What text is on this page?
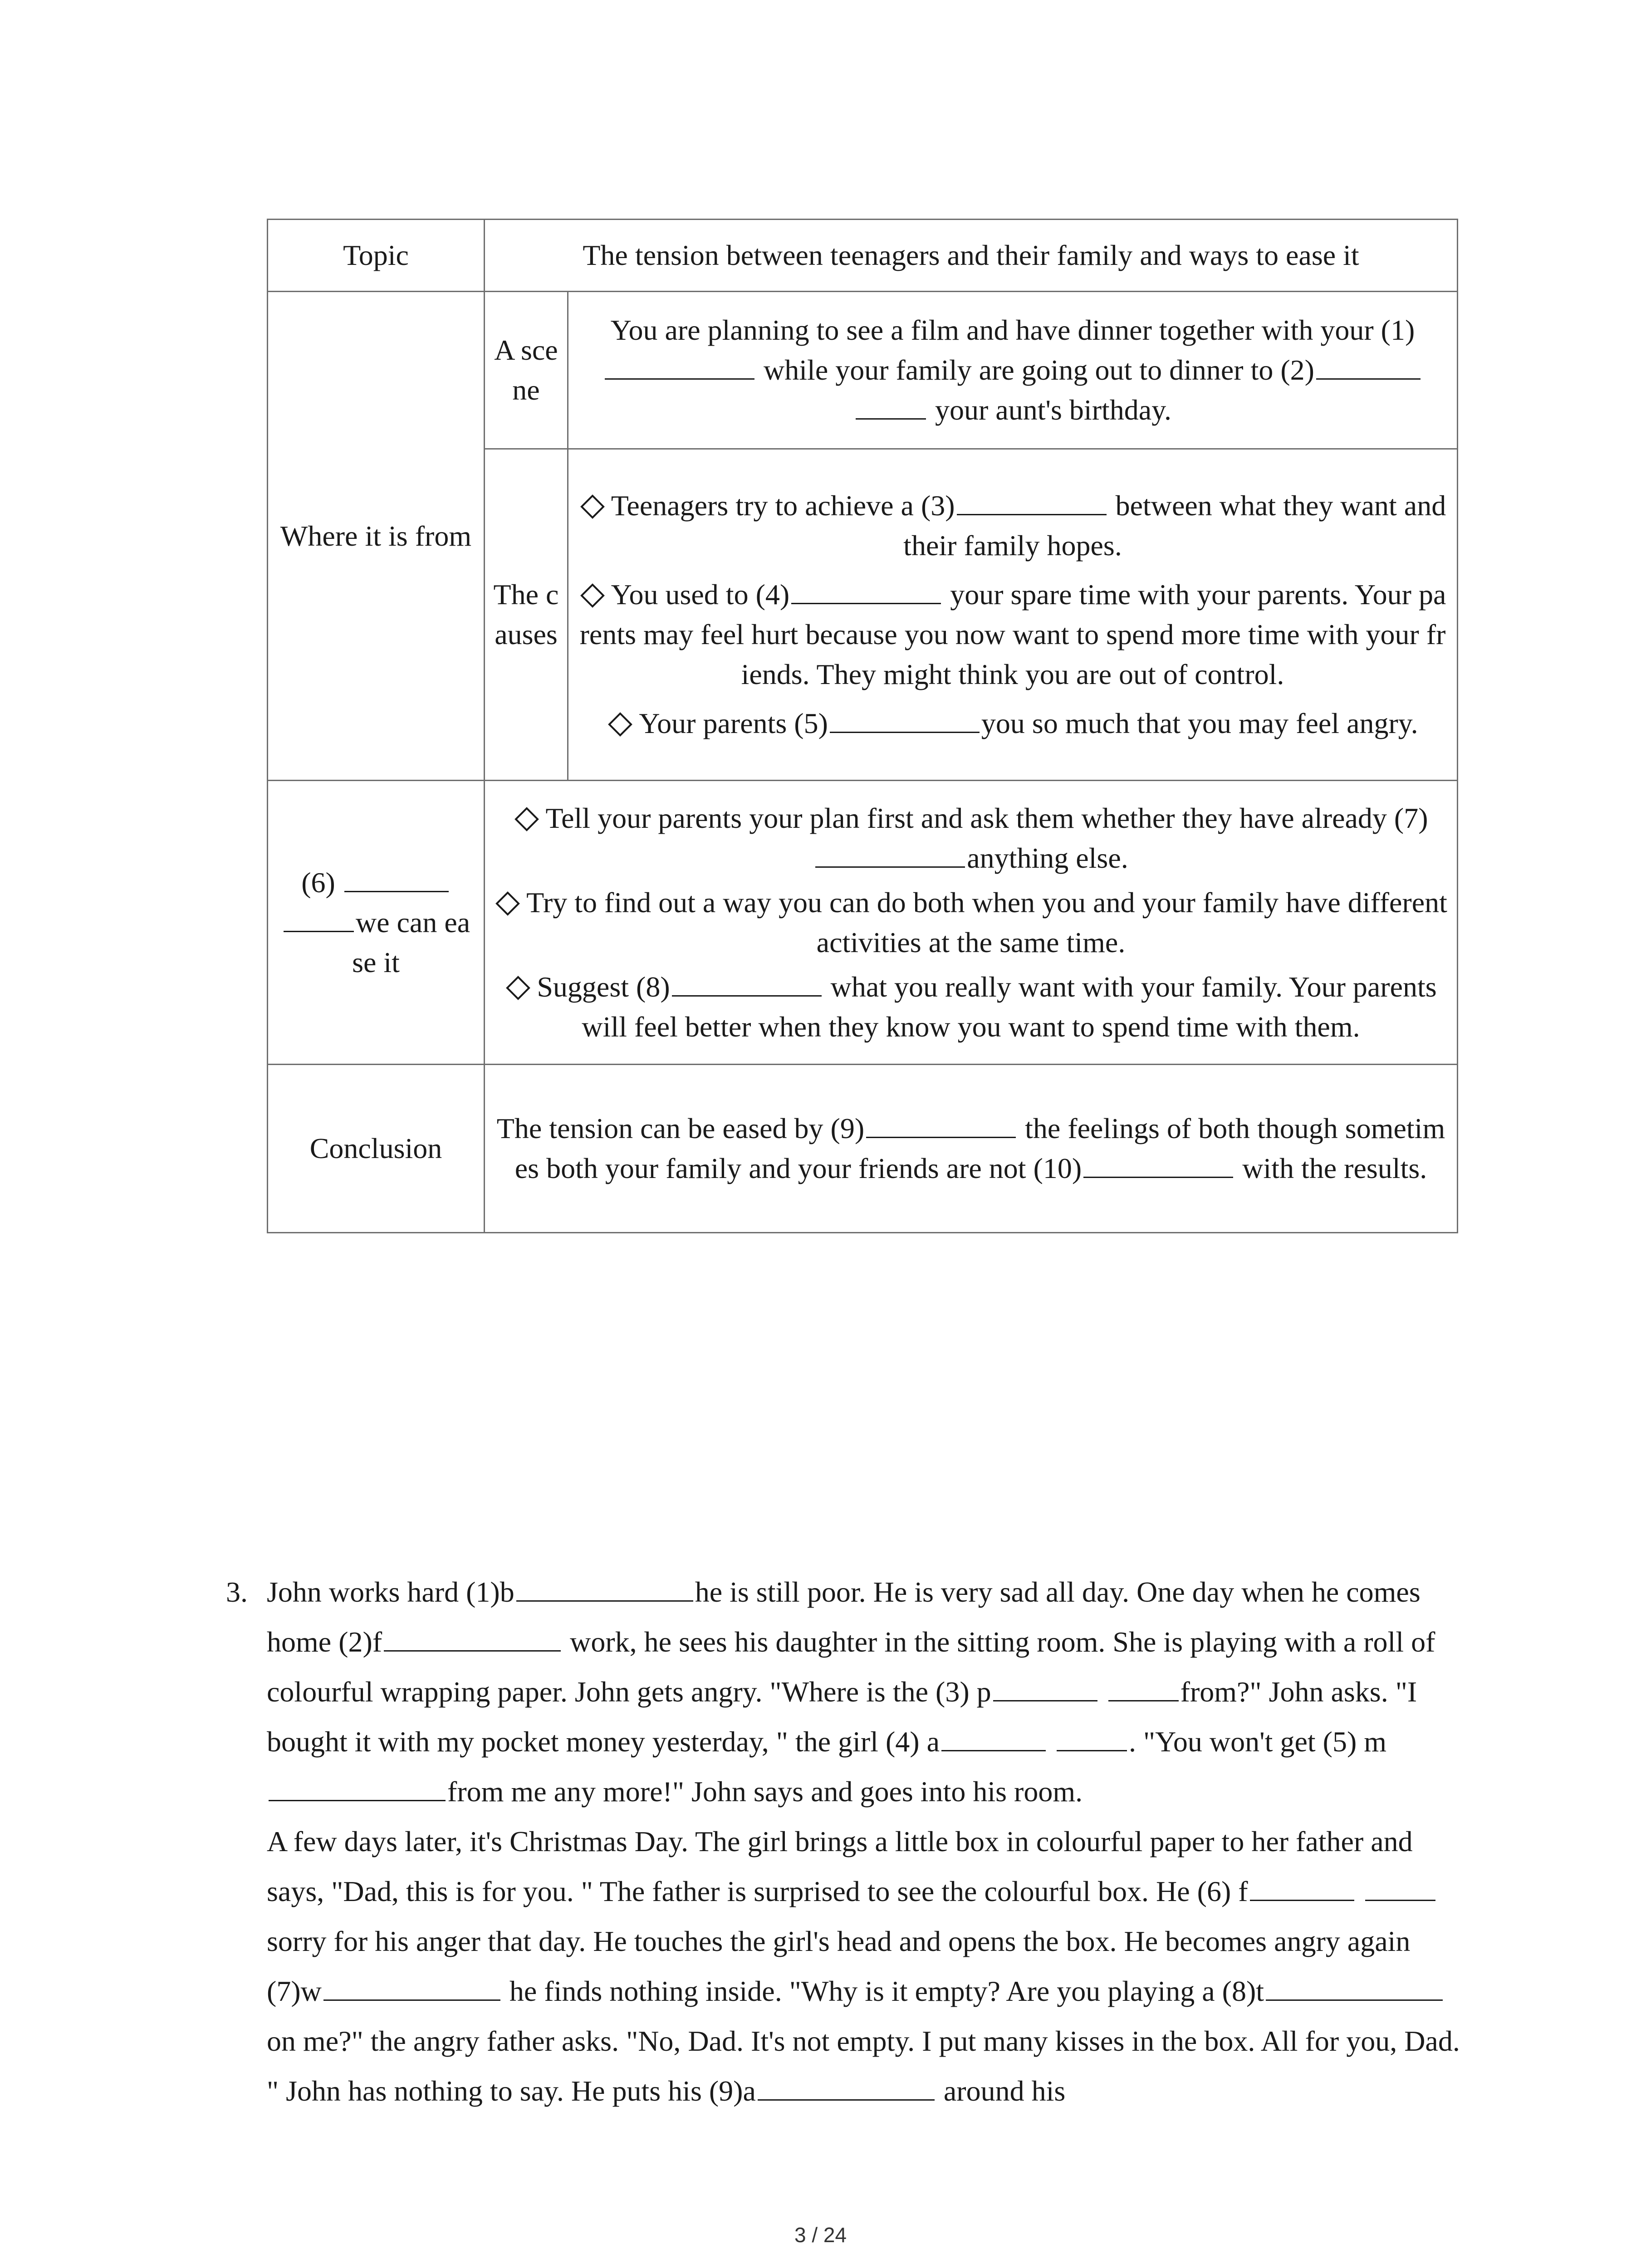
Topic	The tension between teenagers and their family and ways to ease it	
Where it is from	A scene	You are planning to see a film and have dinner together with your (1)  while your family are going out to dinner to (2)  your aunt's birthday.
	The causes	Teenagers try to achieve a (3) between what they want and their family hopes.
You used to (4) your spare time with your parents. Your parents may feel hurt because you now want to spend more time with your friends. They might think you are out of control.
Your parents (5) you so much that you may feel angry.

(6)  we can ease it	Tell your parents your plan first and ask them whether they have already (7) anything else.
Try to find out a way you can do both when you and your family have different activities at the same time.
Suggest (8) what you really want with your family. Your parents will feel better when they know you want to spend time with them.	

Conclusion	The tension can be eased by (9) the feelings of both though sometimes both your family and your friends are not (10) with the results.	
3. John works hard (1)b	he is still poor. He is very sad all day. One day when he comes home (2)f	work, he sees his daughter in the sitting room. She is playing with a roll of colourful wrapping paper. John gets angry. "Where is the (3) p	from?" John asks. "I bought it with my pocket money yesterday, " the girl (4) a	. "You won't get (5) mfrom me any more!" John says and goes into his room.

A few days later, it's Christmas Day. The girl brings a little box in colourful paper to her father and says, "Dad, this is for you. " The father is surprised to see the colourful box. He (6) f  sorry for his anger that day. He touches the girl's head and opens the box. He becomes angry again (7)w	he finds nothing inside. "Why is it empty? Are you playing a (8)ton me?" the angry father asks. "No, Dad. It's not empty. I put many kisses in the box. All for you, Dad. " John has nothing to say. He puts his (9)a	around his

3 / 24
